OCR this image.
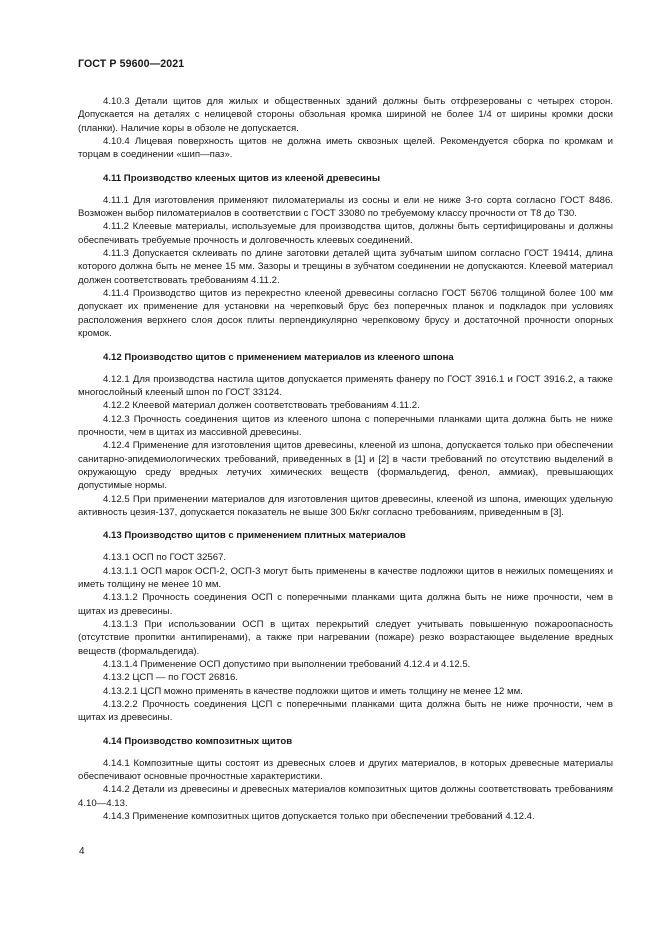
ГОСТ Р 59600—2021

4.10.3 Детали щитов для жилых и общественных зданий должны быть отфрезерованы с четырех сторон. Допускается на деталях с нелицевой стороны обзольная кромка шириной не более 1/4 от ширины кромки доски (планки). Наличие коры в обзоле не допускается.

4.10.4 Лицевая поверхность щитов не должна иметь сквозных щелей. Рекомендуется сборка по кромкам и торцам в соединении «шип—паз».

4.11 Производство клееных щитов из клееной древесины

4.11.1 Для изготовления применяют пиломатериалы из сосны и ели не ниже 3-го сорта согласно ГОСТ 8486. Возможен выбор пиломатериалов в соответствии с ГОСТ 33080 по требуемому классу прочности от Т8 до Т30.

4.11.2 Клеевые материалы, используемые для производства щитов, должны быть сертифицированы и должны обеспечивать требуемые прочность и долговечность клеевых соединений.

4.11.3 Допускается склеивать по длине заготовки деталей щита зубчатым шипом согласно ГОСТ 19414, длина которого должна быть не менее 15 мм. Зазоры и трещины в зубчатом соединении не допускаются. Клеевой материал должен соответствовать требованиям 4.11.2.

4.11.4 Производство щитов из перекрестно клееной древесины согласно ГОСТ 56706 толщиной более 100 мм допускает их применение для установки на черепковый брус без поперечных планок и подкладок при условиях расположения верхнего слоя досок плиты перпендикулярно черепковому брусу и достаточной прочности опорных кромок.

4.12 Производство щитов с применением материалов из клееного шпона

4.12.1 Для производства настила щитов допускается применять фанеру по ГОСТ 3916.1 и ГОСТ 3916.2, а также многослойный клееный шпон по ГОСТ 33124.

4.12.2 Клеевой материал должен соответствовать требованиям 4.11.2.

4.12.3 Прочность соединения щитов из клееного шпона с поперечными планками щита должна быть не ниже прочности, чем в щитах из массивной древесины.

4.12.4 Применение для изготовления щитов древесины, клееной из шпона, допускается только при обеспечении санитарно-эпидемиологических требований, приведенных в [1] и [2] в части требований по отсутствию выделений в окружающую среду вредных летучих химических веществ (формальдегид, фенол, аммиак), превышающих допустимые нормы.

4.12.5 При применении материалов для изготовления щитов древесины, клееной из шпона, имеющих удельную активность цезия-137, допускается показатель не выше 300 Бк/кг согласно требованиям, приведенным в [3].

4.13 Производство щитов с применением плитных материалов

4.13.1 ОСП по ГОСТ 32567.

4.13.1.1 ОСП марок ОСП-2, ОСП-3 могут быть применены в качестве подложки щитов в нежилых помещениях и иметь толщину не менее 10 мм.

4.13.1.2 Прочность соединения ОСП с поперечными планками щита должна быть не ниже прочности, чем в щитах из древесины.

4.13.1.3 При использовании ОСП в щитах перекрытий следует учитывать повышенную пожароопасность (отсутствие пропитки антипиренами), а также при нагревании (пожаре) резко возрастающее выделение вредных веществ (формальдегида).

4.13.1.4 Применение ОСП допустимо при выполнении требований 4.12.4 и 4.12.5.

4.13.2 ЦСП — по ГОСТ 26816.

4.13.2.1 ЦСП можно применять в качестве подложки щитов и иметь толщину не менее 12 мм.

4.13.2.2 Прочность соединения ЦСП с поперечными планками щита должна быть не ниже прочности, чем в щитах из древесины.

4.14 Производство композитных щитов

4.14.1 Композитные щиты состоят из древесных слоев и других материалов, в которых древесные материалы обеспечивают основные прочностные характеристики.

4.14.2 Детали из древесины и древесных материалов композитных щитов должны соответствовать требованиям 4.10—4.13.

4.14.3 Применение композитных щитов допускается только при обеспечении требований 4.12.4.

4
